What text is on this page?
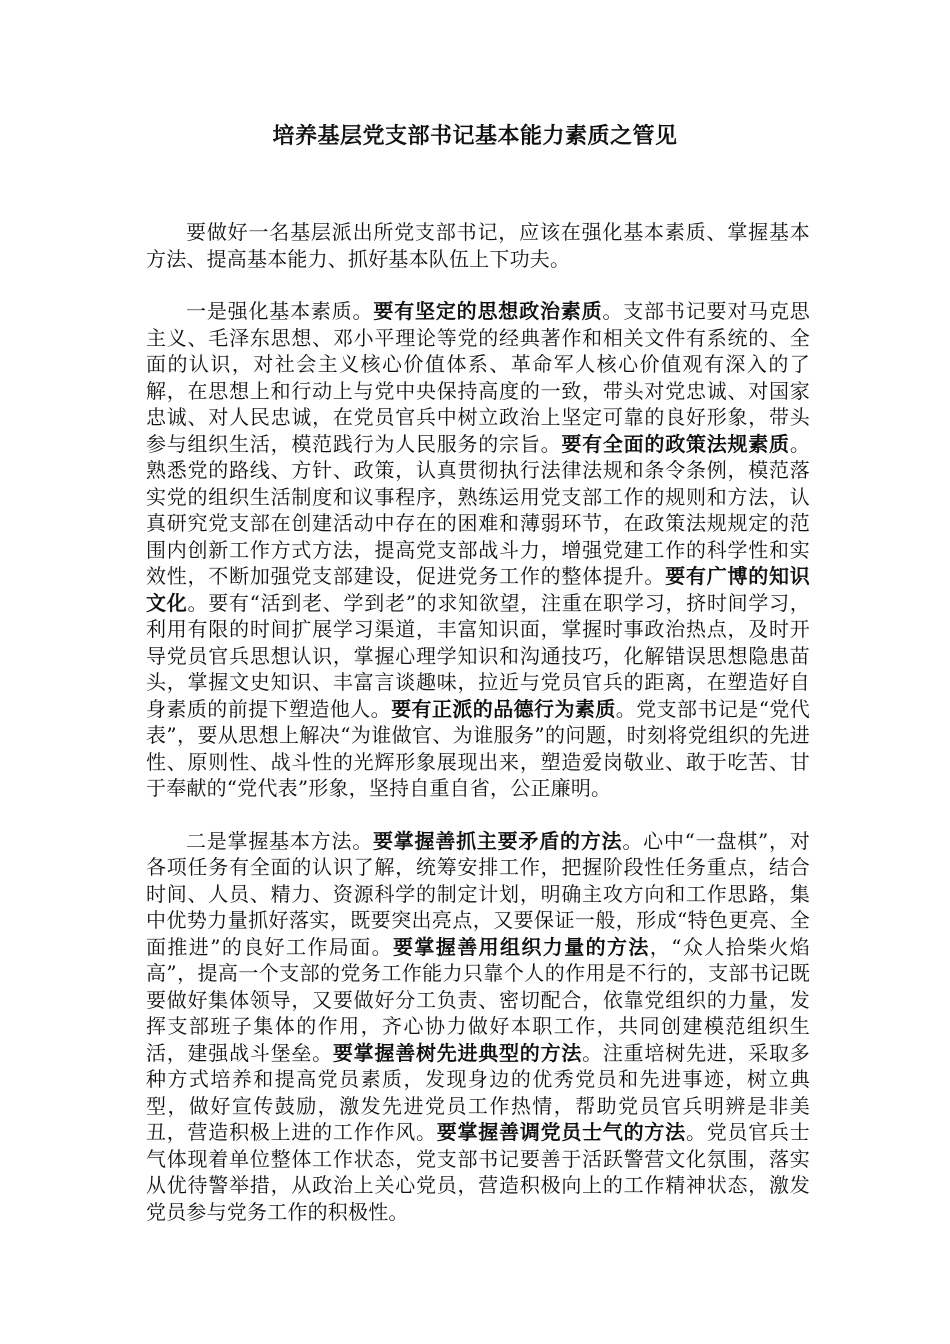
培养基层党支部书记基本能力素质之管见

要做好一名基层派出所党支部书记，应该在强化基本素质、掌握基本方法、提高基本能力、抓好基本队伍上下功夫。

一是强化基本素质。要有坚定的思想政治素质。支部书记要对马克思主义、毛泽东思想、邓小平理论等党的经典著作和相关文件有系统的、全面的认识，对社会主义核心价值体系、革命军人核心价值观有深入的了解，在思想上和行动上与党中央保持高度的一致，带头对党忠诚、对国家忠诚、对人民忠诚，在党员官兵中树立政治上坚定可靠的良好形象，带头参与组织生活，模范践行为人民服务的宗旨。要有全面的政策法规素质。熟悉党的路线、方针、政策，认真贯彻执行法律法规和条令条例，模范落实党的组织生活制度和议事程序，熟练运用党支部工作的规则和方法，认真研究党支部在创建活动中存在的困难和薄弱环节，在政策法规规定的范围内创新工作方式方法，提高党支部战斗力，增强党建工作的科学性和实效性，不断加强党支部建设，促进党务工作的整体提升。要有广博的知识文化。要有“活到老、学到老”的求知欲望，注重在职学习，挤时间学习，利用有限的时间扩展学习渠道，丰富知识面，掌握时事政治热点，及时开导党员官兵思想认识，掌握心理学知识和沟通技巧，化解错误思想隐患苗头，掌握文史知识、丰富言谈趣味，拉近与党员官兵的距离，在塑造好自身素质的前提下塑造他人。要有正派的品德行为素质。党支部书记是“党代表”，要从思想上解决“为谁做官、为谁服务”的问题，时刻将党组织的先进性、原则性、战斗性的光辉形象展现出来，塑造爱岗敬业、敢于吃苦、甘于奉献的“党代表”形象，坚持自重自省，公正廉明。

二是掌握基本方法。要掌握善抓主要矛盾的方法。心中“一盘棋”，对各项任务有全面的认识了解，统筹安排工作，把握阶段性任务重点，结合时间、人员、精力、资源科学的制定计划，明确主攻方向和工作思路，集中优势力量抓好落实，既要突出亮点，又要保证一般，形成“特色更亮、全面推进”的良好工作局面。要掌握善用组织力量的方法，“众人拾柴火焰高”，提高一个支部的党务工作能力只靠个人的作用是不行的，支部书记既要做好集体领导，又要做好分工负责、密切配合，依靠党组织的力量，发挥支部班子集体的作用，齐心协力做好本职工作，共同创建模范组织生活，建强战斗堡垒。要掌握善树先进典型的方法。注重培树先进，采取多种方式培养和提高党员素质，发现身边的优秀党员和先进事迹，树立典型，做好宣传鼓励，激发先进党员工作热情，帮助党员官兵明辨是非美丑，营造积极上进的工作作风。要掌握善调党员士气的方法。党员官兵士气体现着单位整体工作状态，党支部书记要善于活跃警营文化氛围，落实从优待警举措，从政治上关心党员，营造积极向上的工作精神状态，激发党员参与党务工作的积极性。
